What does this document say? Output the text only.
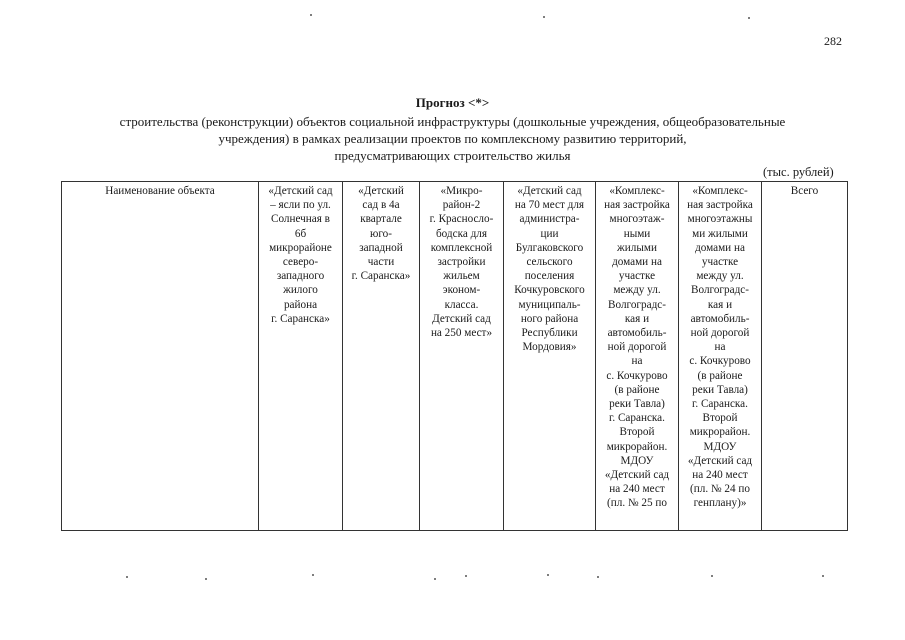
282
Прогноз <*>
строительства (реконструкции) объектов социальной инфраструктуры (дошкольные учреждения, общеобразовательные
учреждения) в рамках реализации проектов по комплексному развитию территорий,
предусматривающих строительство жилья
(тыс. рублей)
Наименование объекта	«Детский сад
– ясли по ул.
Солнечная в
6б
микрорайоне
северо-
западного
жилого
района
г. Саранска»	«Детский
сад в 4а
квартале
юго-
западной
части
г. Саранска»	«Микро-
район-2
г. Красносло-
бодска для
комплексной
застройки
жильем
эконом-
класса.
Детский сад
на 250 мест»	«Детский сад
на 70 мест для
администра-
ции
Булгаковского
сельского
поселения
Кочкуровского
муниципаль-
ного района
Республики
Мордовия»	«Комплекс-
ная застройка
многоэтаж-
ными
жилыми
домами на
участке
между ул.
Волгоградс-
кая и
автомобиль-
ной дорогой
на
с. Кочкурово
(в районе
реки Тавла)
г. Саранска.
Второй
микрорайон.
МДОУ
«Детский сад
на 240 мест
(пл. № 25 по	«Комплекс-
ная застройка
многоэтажны
ми жилыми
домами на
участке
между ул.
Волгоградс-
кая и
автомобиль-
ной дорогой
на
с. Кочкурово
(в районе
реки Тавла)
г. Саранска.
Второй
микрорайон.
МДОУ
«Детский сад
на 240 мест
(пл. № 24 по
генплану)»	Всего
